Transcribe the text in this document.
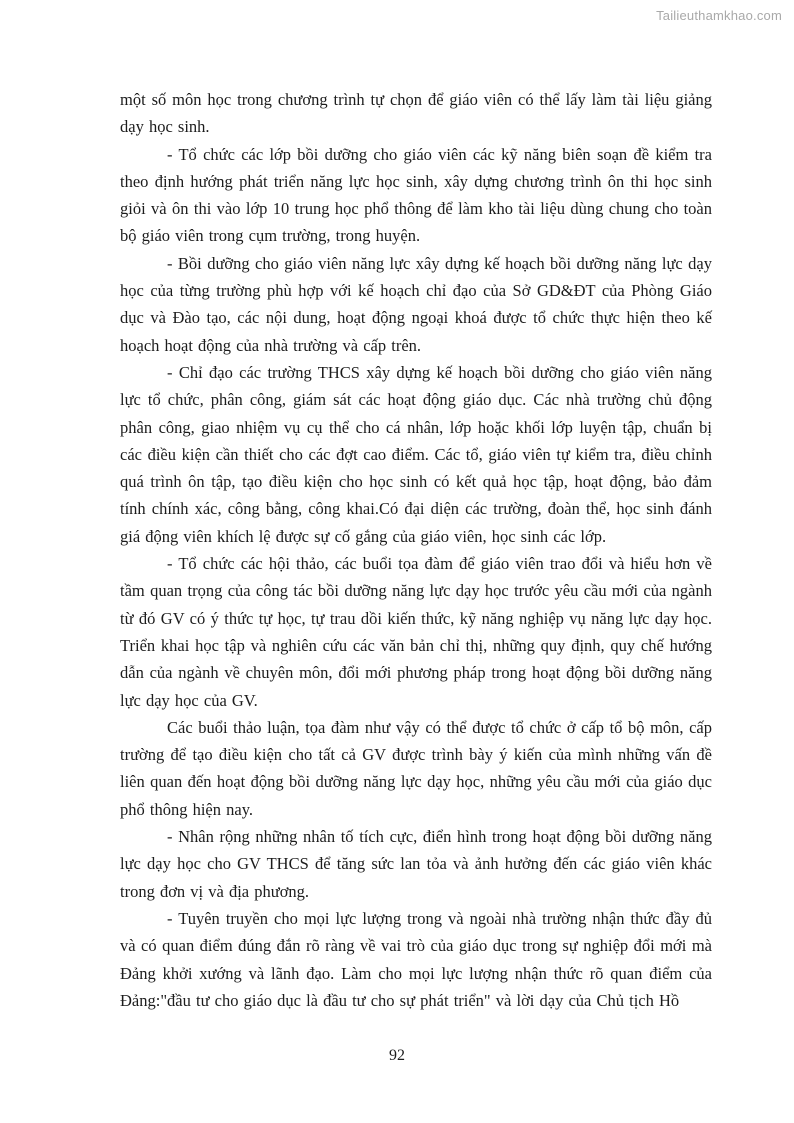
Tailieuthamkhao.com

một số môn học trong chương trình tự chọn để giáo viên có thể lấy làm tài liệu giảng dạy học sinh.

- Tổ chức các lớp bồi dưỡng cho giáo viên các kỹ năng biên soạn đề kiểm tra theo định hướng phát triển năng lực học sinh, xây dựng chương trình ôn thi học sinh giỏi và ôn thi vào lớp 10 trung học phổ thông để làm kho tài liệu dùng chung cho toàn bộ giáo viên trong cụm trường, trong huyện.

- Bồi dưỡng cho giáo viên năng lực xây dựng kế hoạch bồi dưỡng năng lực dạy học của từng trường phù hợp với kế hoạch chỉ đạo của Sở GD&ĐT của Phòng Giáo dục và Đào tạo, các nội dung, hoạt động ngoại khoá được tổ chức thực hiện theo kế hoạch hoạt động của nhà trường và cấp trên.

- Chỉ đạo các trường THCS xây dựng kế hoạch bồi dưỡng cho giáo viên năng lực tổ chức, phân công, giám sát các hoạt động giáo dục. Các nhà trường chủ động phân công, giao nhiệm vụ cụ thể cho cá nhân, lớp hoặc khối lớp luyện tập, chuẩn bị các điều kiện cần thiết cho các đợt cao điểm. Các tổ, giáo viên tự kiểm tra, điều chỉnh quá trình ôn tập, tạo điều kiện cho học sinh có kết quả học tập, hoạt động, bảo đảm tính chính xác, công bằng, công khai.Có đại diện các trường, đoàn thể, học sinh đánh giá động viên khích lệ được sự cố gắng của giáo viên, học sinh các lớp.

- Tổ chức các hội thảo, các buổi tọa đàm để giáo viên trao đổi và hiểu hơn về tầm quan trọng của công tác bồi dưỡng năng lực dạy học trước yêu cầu mới của ngành từ đó GV có ý thức tự học, tự trau dồi kiến thức, kỹ năng nghiệp vụ năng lực dạy học. Triển khai học tập và nghiên cứu các văn bản chỉ thị, những quy định, quy chế hướng dẫn của ngành về chuyên môn, đổi mới phương pháp trong hoạt động bồi dưỡng năng lực dạy học của GV.

Các buổi thảo luận, tọa đàm như vậy có thể được tổ chức ở cấp tổ bộ môn, cấp trường để tạo điều kiện cho tất cả GV được trình bày ý kiến của mình những vấn đề liên quan đến hoạt động bồi dưỡng năng lực dạy học, những yêu cầu mới của giáo dục phổ thông hiện nay.

- Nhân rộng những nhân tố tích cực, điển hình trong hoạt động bồi dưỡng năng lực dạy học cho GV THCS để tăng sức lan tỏa và ảnh hưởng đến các giáo viên khác trong đơn vị và địa phương.

- Tuyên truyền cho mọi lực lượng trong và ngoài nhà trường nhận thức đầy đủ và có quan điểm đúng đắn rõ ràng về vai trò của giáo dục trong sự nghiệp đổi mới mà Đảng khởi xướng và lãnh đạo. Làm cho mọi lực lượng nhận thức rõ quan điểm của Đảng:"đầu tư cho giáo dục là đầu tư cho sự phát triển" và lời dạy của Chủ tịch Hồ

92
